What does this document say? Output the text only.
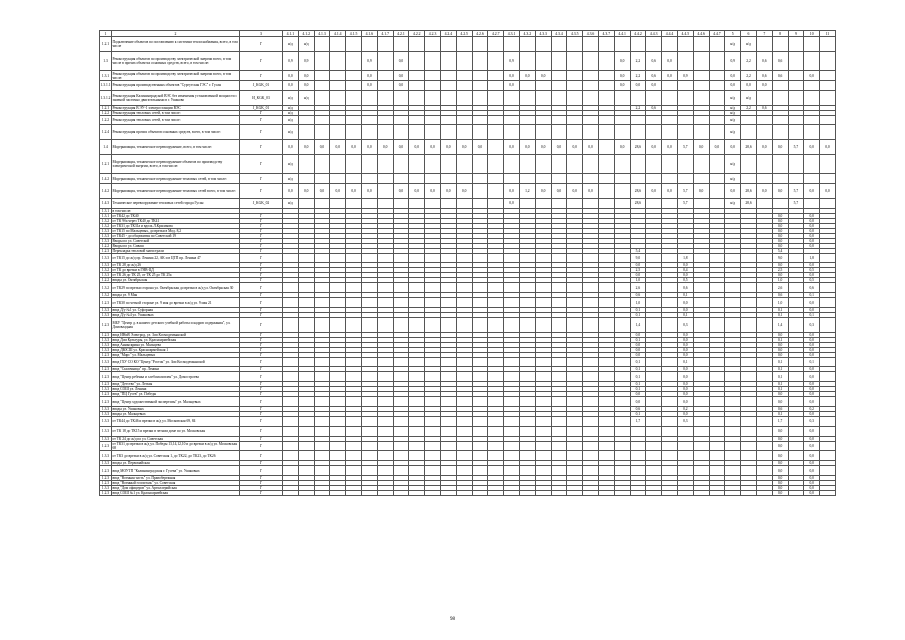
1	2	3	4.1.1	4.1.2	4.1.3	4.1.4	4.1.5	4.1.6	4.1.7	4.2.1	4.2.2	4.2.3	4.2.4	4.2.5	4.2.6	4.2.7	4.3.1	4.3.2	4.3.3	4.3.4	4.3.5	4.3.6	4.3.7	4.4.1	4.4.2	4.4.3	4.4.4	4.4.5	4.4.6	4.4.7	5	6	7	8	9	10	11
1.2.1	Подключение объектов по поставлению к системам теплоснабжения, всего, в том числе	Г	н/д	н/д																											н/д	н/д					
1.3	Реконструкция объектов по производству электрической энергии всего, в том числе в прочих объектах основных средств, всего, в том числе:	Г	0,9	0,9				0,9		0,0							0,9							0,0	2,2	0,6	0,0				0,9	2,2	0,6	0,6			
1.3.1	Реконструкция объектов по производству электрической энергии всего, в том числе:	Г	0,0	0,0				0,0		0,0							0,0	0,0	0,0					0,0	2,2	0,6	0,0	0,9			0,0	2,2	0,6	0,6		0,0	
1.3.1.1	Реконструкция производственных объектов "Сургутская ГЭС" г. Гусан	J_KGK_01	0,0	0,0				0,0		0,0							0,0							0,0	0,0	0,0					0,0	0,0	0,0				
1.3.1.2	Реконструкция Калининградской ВЭС без изменения установленной мощности с заменой частично двигательными в г. Ушаково	И_KGK_03	н/д	н/д																											н/д	н/д					
1.2.1	Реконструкция В ЭУ-1 электростанции ВЭС	J_KGK_01	н/д																						2,2	0,6					н/д	2,2	0,6				
1.2.2	Реконструкция тепловых сетей, в том числе:	Г	н/д																												н/д						
1.2.2	Реконструкция тепловых сетей, в том числе:	Г	н/д																												н/д						
1.2.4	Реконструкция прочих объектов основных средств, всего, в том числе:	Г	н/д																												н/д						
1.4	Модернизация, техническое перевооружение, всего, в том числе:	Г	0,0	0,0	0,0	0,0	0,0	0,0	0,0	0,0	0,0	0,0	0,0	0,0	0,0		0,0	0,0	0,0	0,0	0,0	0,0		0,0	28,6	0,0	0,0	5,7	0,0	0,0	0,0	28,6	0,0	0,0	5,7	0,0	0,0
1.2.1	Модернизация, техническое перевооружение объектов по производству электрической энергии, всего, в том числе:	Г	н/д																												н/д						
1.4.2	Модернизация, техническое перевооружение тепловых сетей, в том числе:	Г	н/д																												н/д						
1.4.2	Модернизация, техническое перевооружение тепловых сетей всего, в том числе:	Г	0,0	0,0	0,0	0,0	0,0	0,0		0,0	0,0	0,0	0,0	0,0			0,0	1,2	0,0	0,0	0,0	0,0			28,6	0,0	0,0	5,7	0,0		0,0	28,6	0,0	0,0	5,7	0,0	0,0
1.4.3	Техническое перевооружение тепловых сетей города Гусан	J_KGK_02	н/д														0,0								28,6			5,7			н/д	28,6			5,7		
1.3.1	в том числе:																																				
1.3.1	от ТК42 до ТК40	Г																																0,0		0,0	
1.3.2	от ТК 9ба через ТК40 до ТК41	Г																																0,0		0,0	
1.3.2	от ТК31 до ТК31а и вдоль Л.Красикова	Г																																0,0		0,0	
1.3.3	от ТК15 по Мальцевых, до врезки в Мод. 8,2	Г																																0,0		0,0	
1.3.3	от ТК45 - до общежития по Советской 19	Г																																0,0		0,0	
1.3.3	Вводы по ул. Советской	Г																																0,0		0,0	
1.2.2	Вводы по ул. Сиваш	Г																																0,0		0,0	
1.2.3	Перекладка тепловой магистрали	Г																							5,4									5,4			
1.3.3	от ТК15 до ж/д пр. Ленина 22, АК и в ЦТП пр. Ленина 47	Г																							9,0			1,8						9,0		1,8	
1.3.3	от ТК 28 до ж/д 26	Г																							0,0			0,0						0,0		0,0	
1.3.2	от ТК до врезки в ГНВ-ЦД	Г																							2,5			0,4						2,5		0,5	
1.3.3	от ТК 26 до ТК 25, от ТК 25 до ТК 25а	Г																							0,0			0,0						0,0		0,0	
1.2.2	вводы ул. Октябрьская	Г																							1,0			0,5						1,0		0,5	
1.3.2	от ТК29 по врезки сторона ул. Октябрьская до врезки в ж/д ул. Октябрьская 30	Г																							2,6			0,6						2,6		0,6	
1.3.2	вводы ул. 9 Мая	Г																							0,6			0,1						0,6		0,1	
1.2.3	от ТК30 по четной стороне ул. 9 мая до врезки в ж/д ул. 9 мая 21	Г																							1,0			0,0						1,0		0,0	
1.3.3	ввод Д/у №1 ул. Суфорная	Г																							0,1			0,0						0,1		0,0	
1.3.3	ввод Д/у №4 ул. Ушаковых	Г																							0,1			0,1						0,1		0,1	
1.2.3	МБУ "Центр д. в нашего детского учебной работы и кадров содержания", ул. Домовладная	Г																							1,4			0,3						1,4		0,3	
1.2.3	ввод ИНиВ Электрод, ул. Зои Космодемьянской	Г																							0,0			0,0						0,0		0,0	
1.3.3	ввод Дом Культуры, ул. Красноармейская	Г																							0,1			0,0						0,1		0,0	
1.3.3	ввод Анныскрина ул. Мальцева	Г																							0,0			0,0						0,0		0,0	
1.3.3	ввод ДЮСШ ул. Красноармейская 1	Г																							0,0			0,0						0,0		0,0	
1.2.3	ввод "Марс" ул. Мальцевых	Г																							0,0			0,0						0,0		0,0	
1.3.3	ввод ГБУ СО КО "Центр "Росток" ул. Зои Космодемьянской	Г																							0,1			0,1						0,1		0,1	
1.2.3	ввод "Сказочница" пр. Ленина	Г																							0,1			0,0						0,1		0,0	
1.2.3	ввод "Центр ребенка и хлебомоловлен" ул. Домостроева	Г																							0,1			0,0						0,1		0,0	
1.2.3	ввод "Детство" ул. Легкая	Г																							0,1			0,0						0,1		0,0	
1.3.3	ввод СОШ ул. Ленина	Г																							0,1			0,0						0,1		0,0	
1.2.3	ввод "ПЦ Гусев" ул. Победы	Г																							0,0			0,0						0,0		0,0	
1.2.3	ввод "Центр художественной экспертизы" ул. Мальцевых	Г																							0,0			0,0						0,0		0,0	
1.3.3	вводы ул. Ушаковых	Г																							0,6			0,2						0,6		0,2	
1.3.3	вводы ул. Мальцевых	Г																							0,1			0,0						0,1		0,0	
1.3.3	от ТК44 до ТК46 и врезки в ж/д ул. Московская 69, 84	Г																							1,7			0,3						1,7		0,3	
1.3.3	от ТК 18 до ТК15 и врезки в четном доме по ул. Московская	Г																																0,0		0,0	
1.3.3	от ТК 24 до ж/д по ул. Советская	Г																																0,0		0,0	
1.2.3	от ТК31 до врезки в ж/д ул. Победы 13,14,12,10 и до врезки в ж/д ул. Московская 68	Г																																0,0		0,0	
1.3.3	от ТК3 до врезки в ж/д ул. Советская 1, до ТК22, до ТК23, до ТК26	Г																																0,0		0,0	
1.3.3	вводы ул. Первомайская	Г																																0,0		0,0	
1.2.3	ввод МОУТП "Калининградская г. Гусева" ул. Ушаковых	Г																																0,0		0,0	
1.2.3	ввод "Военная часть" ул. Правобережная	Г																																0,0		0,0	
1.2.3	ввод "Военный госпиталь" ул. Советская	Г																																0,0		0,0	
1.3.3	ввод "Дом офицеров" ул. Артиллерийская	Г																																0,0		0,0	
1.2.3	ввод СОШ №1 ул. Красноармейская	Г																																0,0		0,0	
98
